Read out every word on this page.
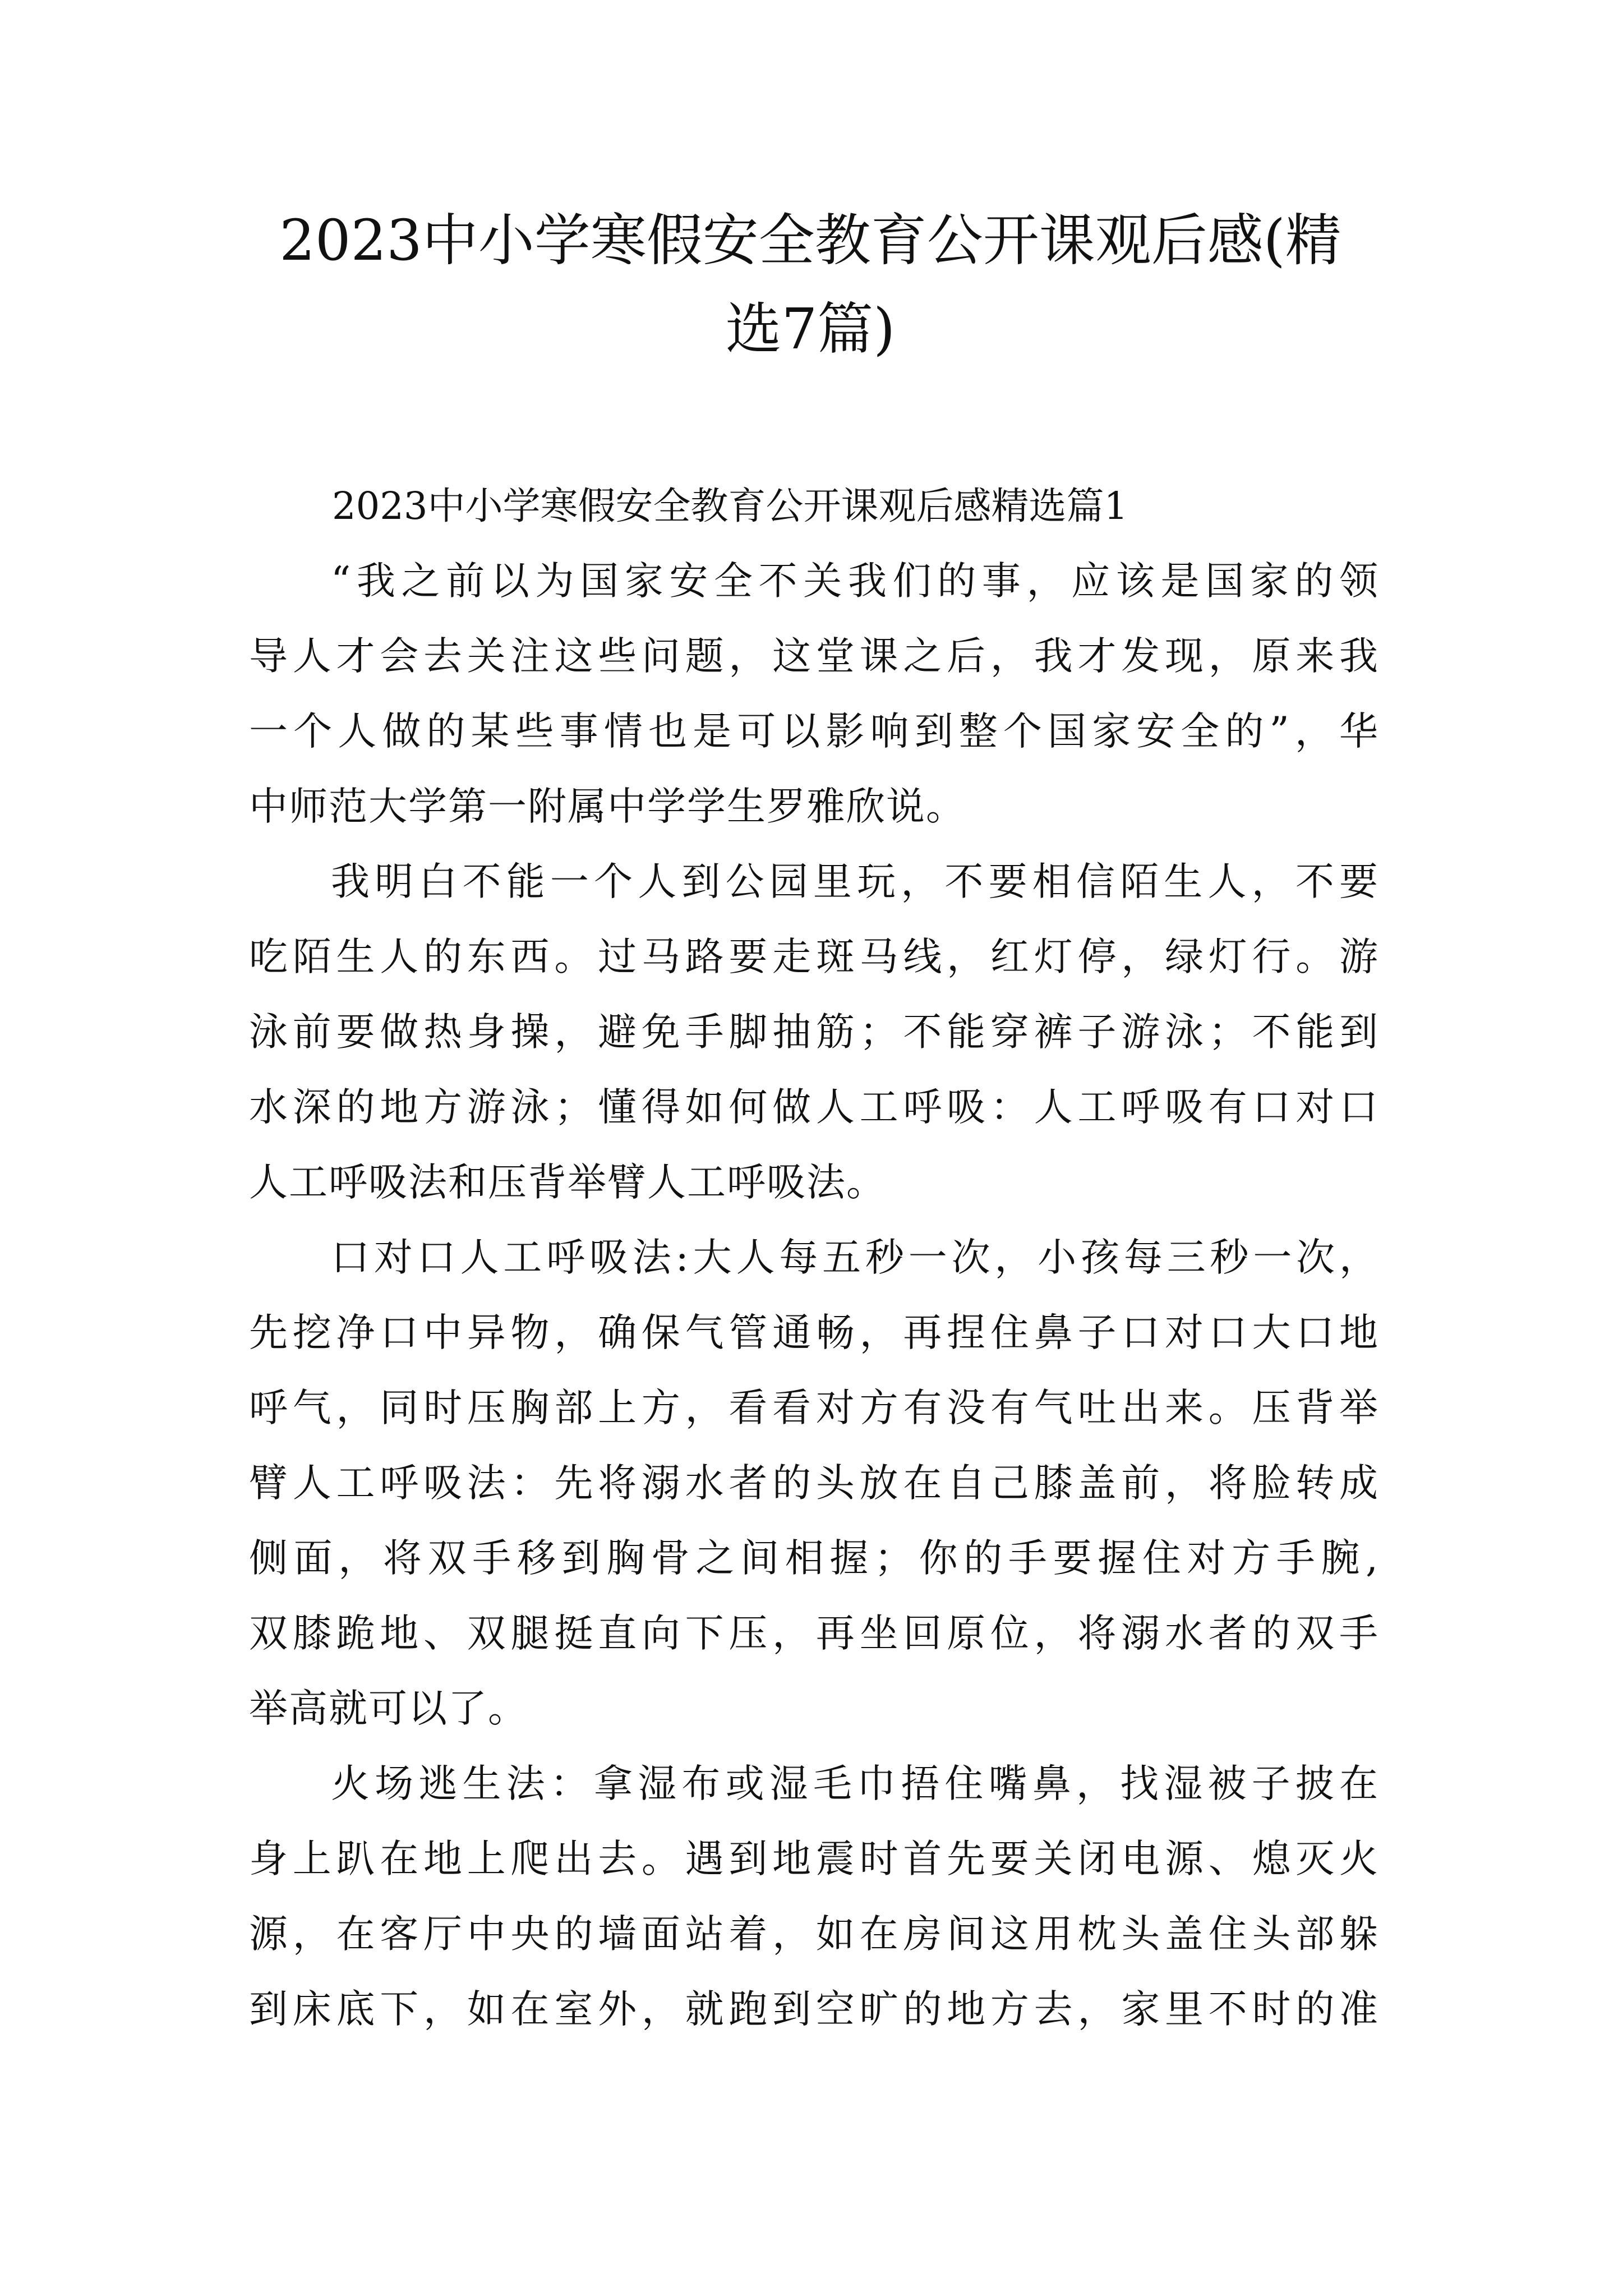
2023中小学寒假安全教育公开课观后感(精
选7篇)
2023中小学寒假安全教育公开课观后感精选篇1

“我之前以为国家安全不关我们的事，应该是国家的领
导人才会去关注这些问题，这堂课之后，我才发现，原来我
一个人做的某些事情也是可以影响到整个国家安全的”，华
中师范大学第一附属中学学生罗雅欣说。

我明白不能一个人到公园里玩，不要相信陌生人，不要
吃陌生人的东西。过马路要走斑马线，红灯停，绿灯行。游
泳前要做热身操，避免手脚抽筋；不能穿裤子游泳；不能到
水深的地方游泳；懂得如何做人工呼吸：人工呼吸有口对口
人工呼吸法和压背举臂人工呼吸法。

口对口人工呼吸法:大人每五秒一次，小孩每三秒一次，
先挖净口中异物，确保气管通畅，再捏住鼻子口对口大口地
呼气，同时压胸部上方，看看对方有没有气吐出来。压背举
臂人工呼吸法：先将溺水者的头放在自己膝盖前，将脸转成
侧面，将双手移到胸骨之间相握；你的手要握住对方手腕,
双膝跪地、双腿挺直向下压，再坐回原位，将溺水者的双手
举高就可以了。

火场逃生法：拿湿布或湿毛巾捂住嘴鼻，找湿被子披在
身上趴在地上爬出去。遇到地震时首先要关闭电源、熄灭火
源，在客厅中央的墙面站着，如在房间这用枕头盖住头部躲
到床底下，如在室外，就跑到空旷的地方去，家里不时的准
